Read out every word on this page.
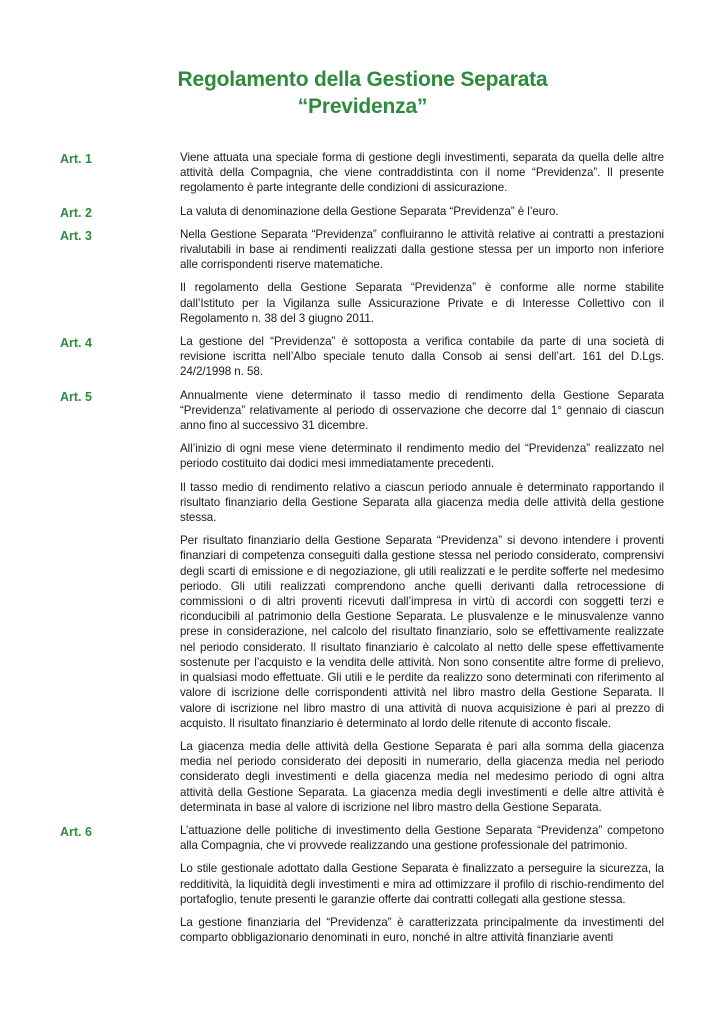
Regolamento della Gestione Separata
“Previdenza”
Art. 1	Viene attuata una speciale forma di gestione degli investimenti, separata da quella delle altre attività della Compagnia, che viene contraddistinta con il nome “Previdenza”. Il presente regolamento è parte integrante delle condizioni di assicurazione.

Art. 2	La valuta di denominazione della Gestione Separata “Previdenza” è l’euro.

Art. 3	Nella Gestione Separata “Previdenza” confluiranno le attività relative ai contratti a prestazioni rivalutabili in base ai rendimenti realizzati dalla gestione stessa per un importo non inferiore alle corrispondenti riserve matematiche.

Il regolamento della Gestione Separata “Previdenza” è conforme alle norme stabilite dall’Istituto per la Vigilanza sulle Assicurazione Private e di Interesse Collettivo con il Regolamento n. 38 del 3 giugno 2011.

Art. 4	La gestione del “Previdenza” è sottoposta a verifica contabile da parte di una società di revisione iscritta nell’Albo speciale tenuto dalla Consob ai sensi dell’art. 161 del D.Lgs. 24/2/1998 n. 58.

Art. 5	Annualmente viene determinato il tasso medio di rendimento della Gestione Separata “Previdenza” relativamente al periodo di osservazione che decorre dal 1° gennaio di ciascun anno fino al successivo 31 dicembre.

All’inizio di ogni mese viene determinato il rendimento medio del “Previdenza” realizzato nel periodo costituito dai dodici mesi immediatamente precedenti.

Il tasso medio di rendimento relativo a ciascun periodo annuale è determinato rapportando il risultato finanziario della Gestione Separata alla giacenza media delle attività della gestione stessa.

Per risultato finanziario della Gestione Separata “Previdenza” si devono intendere i proventi finanziari di competenza conseguiti dalla gestione stessa nel periodo considerato, comprensivi degli scarti di emissione e di negoziazione, gli utili realizzati e le perdite sofferte nel medesimo periodo. Gli utili realizzati comprendono anche quelli derivanti dalla retrocessione di commissioni o di altri proventi ricevuti dall’impresa in virtù di accordi con soggetti terzi e riconducibili al patrimonio della Gestione Separata. Le plusvalenze e le minusvalenze vanno prese in considerazione, nel calcolo del risultato finanziario, solo se effettivamente realizzate nel periodo considerato. Il risultato finanziario è calcolato al netto delle spese effettivamente sostenute per l’acquisto e la vendita delle attività. Non sono consentite altre forme di prelievo, in qualsiasi modo effettuate. Gli utili e le perdite da realizzo sono determinati con riferimento al valore di iscrizione delle corrispondenti attività nel libro mastro della Gestione Separata. Il valore di iscrizione nel libro mastro di una attività di nuova acquisizione è pari al prezzo di acquisto. Il risultato finanziario è determinato al lordo delle ritenute di acconto fiscale.

La giacenza media delle attività della Gestione Separata è pari alla somma della giacenza media nel periodo considerato dei depositi in numerario, della giacenza media nel periodo considerato degli investimenti e della giacenza media nel medesimo periodo di ogni altra attività della Gestione Separata. La giacenza media degli investimenti e delle altre attività è determinata in base al valore di iscrizione nel libro mastro della Gestione Separata.

Art. 6	L’attuazione delle politiche di investimento della Gestione Separata “Previdenza” competono alla Compagnia, che vi provvede realizzando una gestione professionale del patrimonio.

Lo stile gestionale adottato dalla Gestione Separata è finalizzato a perseguire la sicurezza, la redditività, la liquidità degli investimenti e mira ad ottimizzare il profilo di rischio-rendimento del portafoglio, tenute presenti le garanzie offerte dai contratti collegati alla gestione stessa.

La gestione finanziaria del “Previdenza” è caratterizzata principalmente da investimenti del comparto obbligazionario denominati in euro, nonché in altre attività finanziarie aventi
